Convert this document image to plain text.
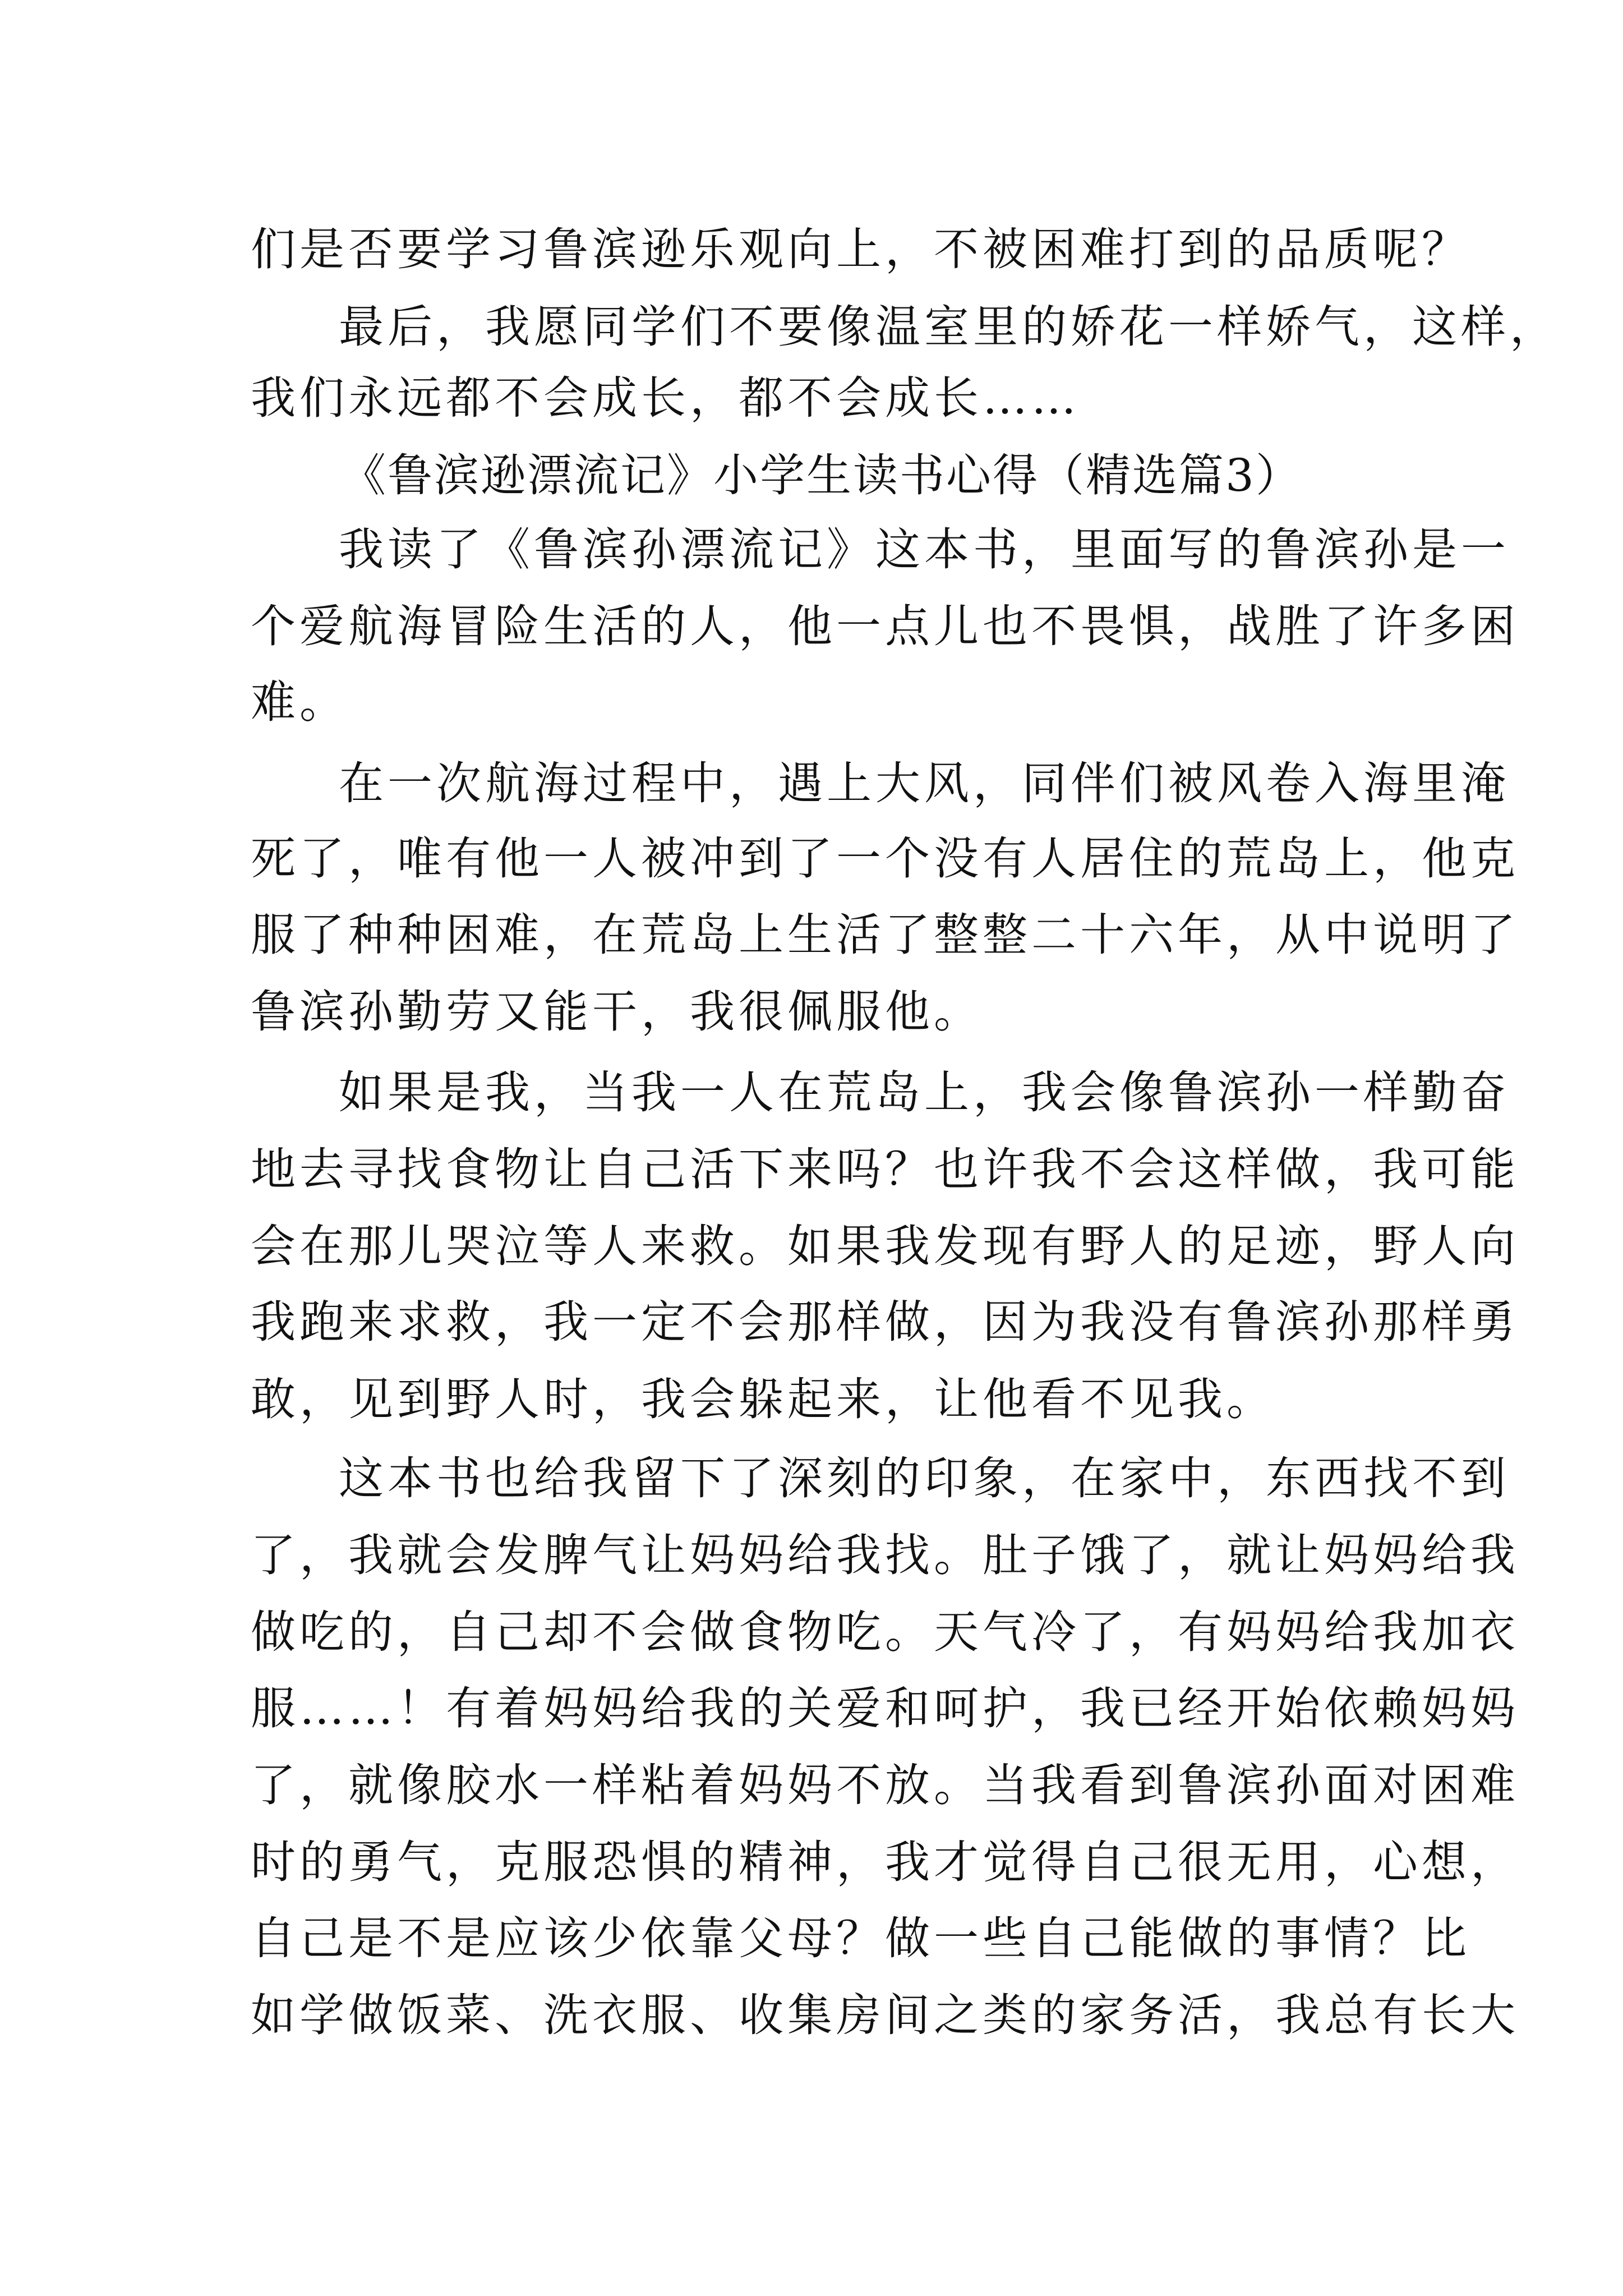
们是否要学习鲁滨逊乐观向上，不被困难打到的品质呢？
最后，我愿同学们不要像温室里的娇花一样娇气，这样，
我们永远都不会成长，都不会成长……
《鲁滨逊漂流记》小学生读书心得（精选篇3）
我读了《鲁滨孙漂流记》这本书，里面写的鲁滨孙是一
个爱航海冒险生活的人，他一点儿也不畏惧，战胜了许多困
难。
在一次航海过程中，遇上大风，同伴们被风卷入海里淹
死了，唯有他一人被冲到了一个没有人居住的荒岛上，他克
服了种种困难，在荒岛上生活了整整二十六年，从中说明了
鲁滨孙勤劳又能干，我很佩服他。
如果是我，当我一人在荒岛上，我会像鲁滨孙一样勤奋
地去寻找食物让自己活下来吗？也许我不会这样做，我可能
会在那儿哭泣等人来救。如果我发现有野人的足迹，野人向
我跑来求救，我一定不会那样做，因为我没有鲁滨孙那样勇
敢，见到野人时，我会躲起来，让他看不见我。
这本书也给我留下了深刻的印象，在家中，东西找不到
了，我就会发脾气让妈妈给我找。肚子饿了，就让妈妈给我
做吃的，自己却不会做食物吃。天气冷了，有妈妈给我加衣
服……！有着妈妈给我的关爱和呵护，我已经开始依赖妈妈
了，就像胶水一样粘着妈妈不放。当我看到鲁滨孙面对困难
时的勇气，克服恐惧的精神，我才觉得自己很无用，心想，
自己是不是应该少依靠父母？做一些自己能做的事情？比
如学做饭菜、洗衣服、收集房间之类的家务活，我总有长大
